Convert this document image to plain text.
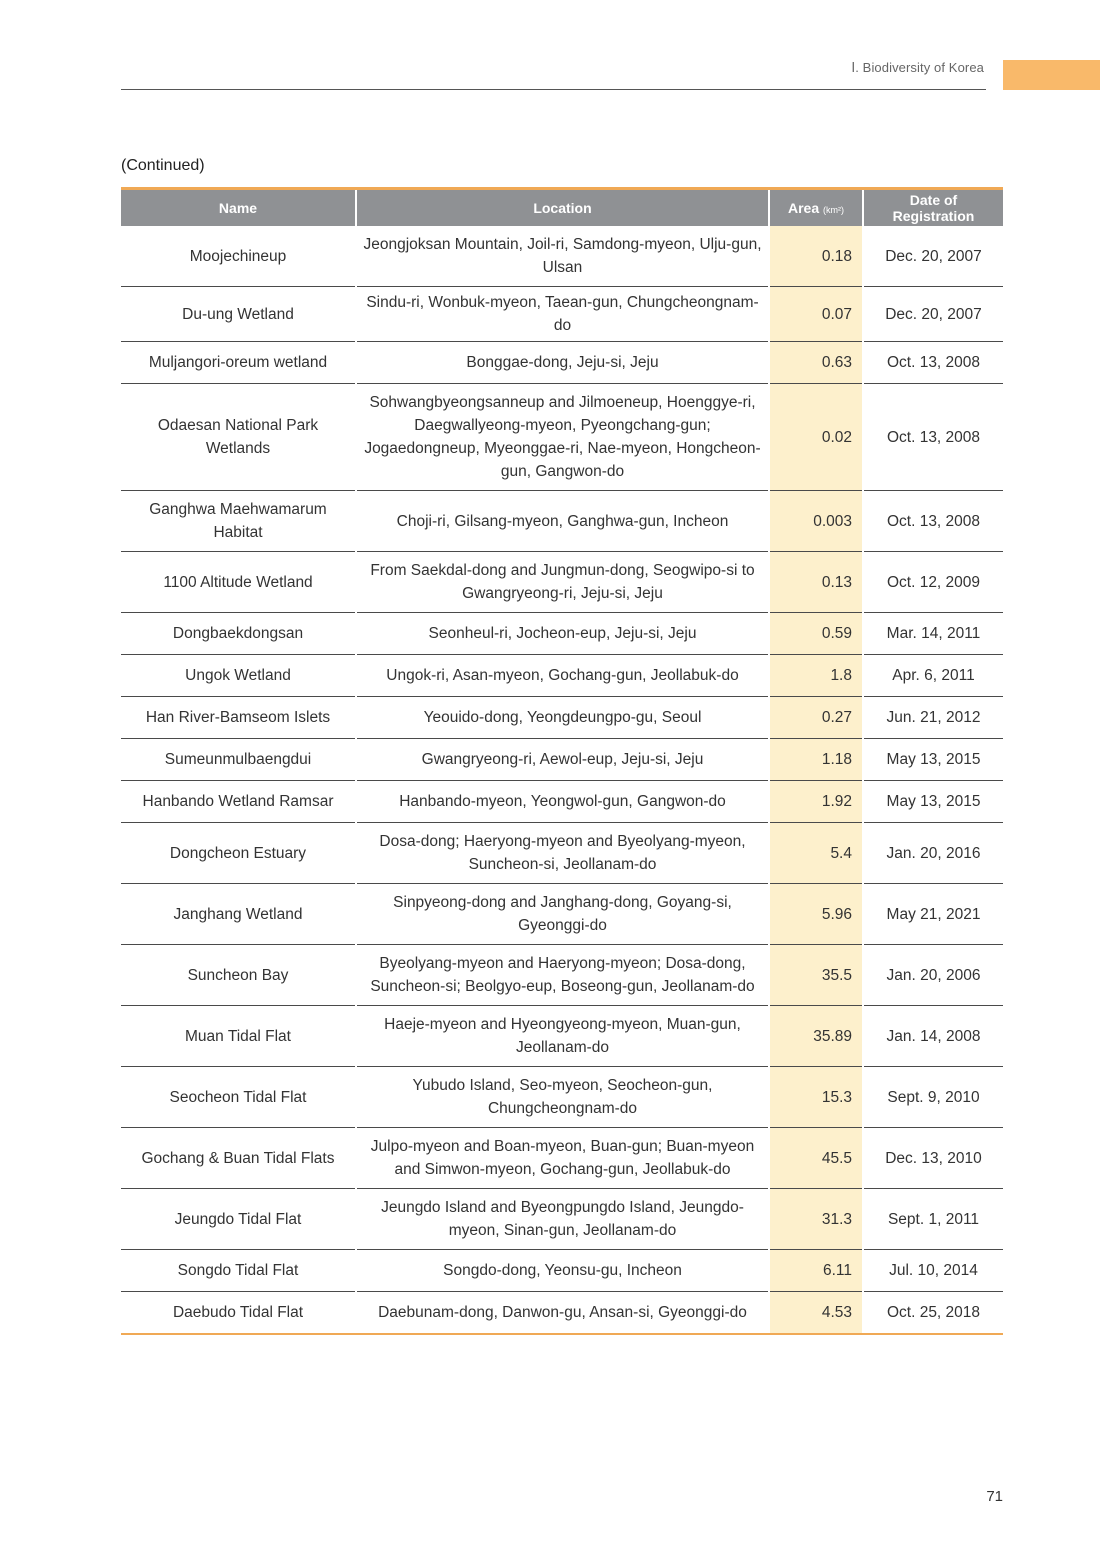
Ⅰ. Biodiversity of Korea
(Continued)
Name	Location	Area (km²)	Date of Registration
Moojechineup	Jeongjoksan Mountain, Joil-ri, Samdong-myeon, Ulju-gun, Ulsan	0.18	Dec. 20, 2007
Du-ung Wetland	Sindu-ri, Wonbuk-myeon, Taean-gun, Chungcheongnam-do	0.07	Dec. 20, 2007
Muljangori-oreum wetland	Bonggae-dong, Jeju-si, Jeju	0.63	Oct. 13, 2008
Odaesan National Park Wetlands	Sohwangbyeongsanneup and Jilmoeneup, Hoenggye-ri, Daegwallyeong-myeon, Pyeongchang-gun; Jogaedongneup, Myeonggae-ri, Nae-myeon, Hongcheon-gun, Gangwon-do	0.02	Oct. 13, 2008
Ganghwa Maehwamarum Habitat	Choji-ri, Gilsang-myeon, Ganghwa-gun, Incheon	0.003	Oct. 13, 2008
1100 Altitude Wetland	From Saekdal-dong and Jungmun-dong, Seogwipo-si to Gwangryeong-ri, Jeju-si, Jeju	0.13	Oct. 12, 2009
Dongbaekdongsan	Seonheul-ri, Jocheon-eup, Jeju-si, Jeju	0.59	Mar. 14, 2011
Ungok Wetland	Ungok-ri, Asan-myeon, Gochang-gun, Jeollabuk-do	1.8	Apr. 6, 2011
Han River-Bamseom Islets	Yeouido-dong, Yeongdeungpo-gu, Seoul	0.27	Jun. 21, 2012
Sumeunmulbaengdui	Gwangryeong-ri, Aewol-eup, Jeju-si, Jeju	1.18	May 13, 2015
Hanbando Wetland Ramsar	Hanbando-myeon, Yeongwol-gun, Gangwon-do	1.92	May 13, 2015
Dongcheon Estuary	Dosa-dong; Haeryong-myeon and Byeolyang-myeon, Suncheon-si, Jeollanam-do	5.4	Jan. 20, 2016
Janghang Wetland	Sinpyeong-dong and Janghang-dong, Goyang-si, Gyeonggi-do	5.96	May 21, 2021
Suncheon Bay	Byeolyang-myeon and Haeryong-myeon; Dosa-dong, Suncheon-si; Beolgyo-eup, Boseong-gun, Jeollanam-do	35.5	Jan. 20, 2006
Muan Tidal Flat	Haeje-myeon and Hyeongyeong-myeon, Muan-gun, Jeollanam-do	35.89	Jan. 14, 2008
Seocheon Tidal Flat	Yubudo Island, Seo-myeon, Seocheon-gun, Chungcheongnam-do	15.3	Sept. 9, 2010
Gochang & Buan Tidal Flats	Julpo-myeon and Boan-myeon, Buan-gun; Buan-myeon and Simwon-myeon, Gochang-gun, Jeollabuk-do	45.5	Dec. 13, 2010
Jeungdo Tidal Flat	Jeungdo Island and Byeongpungdo Island, Jeungdo-myeon, Sinan-gun, Jeollanam-do	31.3	Sept. 1, 2011
Songdo Tidal Flat	Songdo-dong, Yeonsu-gu, Incheon	6.11	Jul. 10, 2014
Daebudo Tidal Flat	Daebunam-dong, Danwon-gu, Ansan-si, Gyeonggi-do	4.53	Oct. 25, 2018
71
